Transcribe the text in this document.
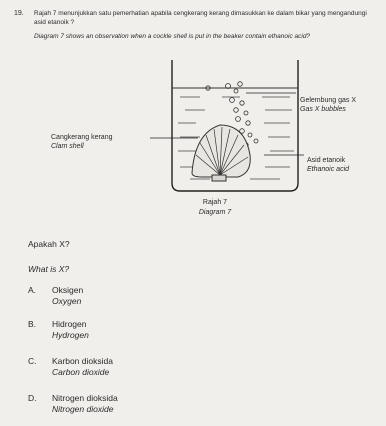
19. Rajah 7 menunjukkan satu pemerhatian apabila cengkerang kerang dimasukkan ke dalam bikar yang mengandungi asid etanoik ?
Diagram 7 shows an observation when a cockle shell is put in the beaker contain ethanoic acid?
Cangkerang kerang
Clam shell
Gelembung gas X
Gas X bubbles
Asid etanoik
Ethanoic acid
Rajah 7
Diagram 7
Apakah X?
What is X?
A. Oksigen
Oxygen
B. Hidrogen
Hydrogen
C. Karbon dioksida
Carbon dioxide
D. Nitrogen dioksida
Nitrogen dioxide
